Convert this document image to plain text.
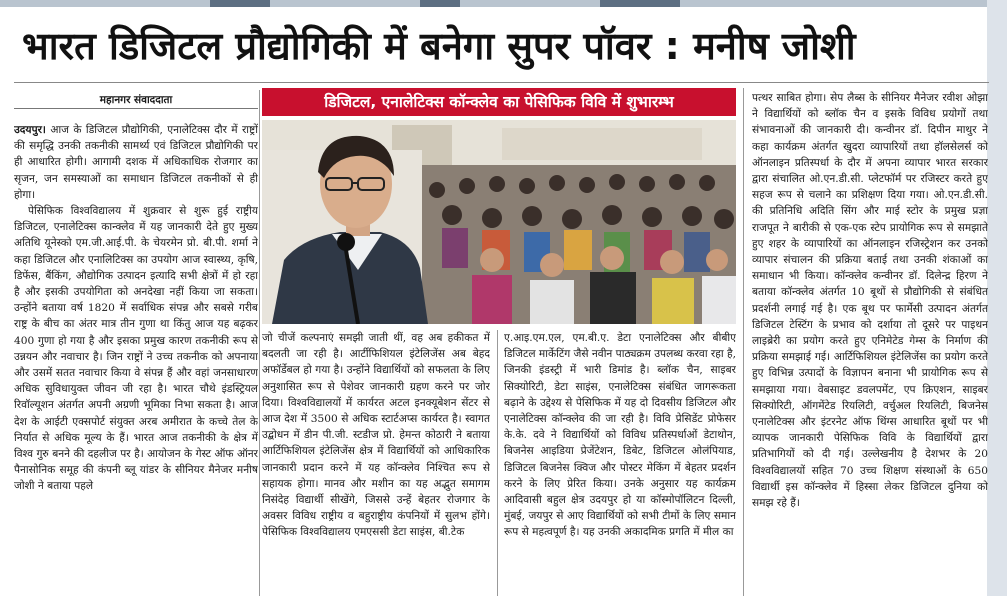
भारत डिजिटल प्रौद्योगिकी में बनेगा सुपर पॉवर : मनीष जोशी
महानगर संवाददाता

उदयपुर। आज के डिजिटल प्रौद्योगिकी, एनालेटिक्स दौर में राष्ट्रों की समृद्धि उनकी तकनीकी सामर्थ्य एवं डिजिटल प्रौद्योगिकी पर ही आधारित होगी। आगामी दशक में अधिकाधिक रोजगार का सृजन, जन समस्याओं का समाधान डिजिटल तकनीकों से ही होगा।

पेसिफिक विश्वविद्यालय में शुक्रवार से शुरू हुई राष्ट्रीय डिजिटल, एनालेटिक्स कान्क्लेव में यह जानकारी देते हुए मुख्य अतिथि यूनेस्को एम.जी.आई.पी. के चेयरमेन प्रो. बी.पी. शर्मा ने कहा डिजिटल और एनालिटिक्स का उपयोग आज स्वास्थ्य, कृषि, डिफेंस, बैंकिंग, औद्योगिक उत्पादन इत्यादि सभी क्षेत्रों में हो रहा है और इसकी उपयोगिता को अनदेखा नहीं किया जा सकता। उन्होंने बताया वर्ष 1820 में सर्वाधिक संपन्न और सबसे गरीब राष्ट्र के बीच का अंतर मात्र तीन गुणा था किंतु आज यह बढ़कर 400 गुणा हो गया है और इसका प्रमुख कारण तकनीकी रूप से उन्नयन और नवाचार है। जिन राष्ट्रों ने उच्च तकनीक को अपनाया और उसमें सतत नवाचार किया वे संपन्न हैं और वहां जनसाधारण अधिक सुविधायुक्त जीवन जी रहा है। भारत चौथे इंडस्ट्रियल रिवॉल्यूशन अंतर्गत अपनी अग्रणी भूमिका निभा सकता है। आज देश के आईटी एक्सपोर्ट संयुक्त अरब अमीरात के कच्चे तेल के निर्यात से अधिक मूल्य के हैं। भारत आज तकनीकी के क्षेत्र में विश्व गुरु बनने की दहलीज पर है। आयोजन के गेस्ट ऑफ ऑनर पैनासोनिक समूह की कंपनी ब्लू यांडर के सीनियर मैनेजर मनीष जोशी ने बताया पहले

डिजिटल, एनालेटिक्स कॉन्क्लेव का पेसिफिक विवि में शुभारम्भ
जो चीजें कल्पनाएं समझी जाती थीं, वह अब हकीकत में बदलती जा रही है। आर्टीफिशियल इंटेलिजेंस अब बेहद अफॉर्डेबल हो गया है। उन्होंने विद्यार्थियों को सफलता के लिए अनुशासित रूप से पेशेवर जानकारी ग्रहण करने पर जोर दिया। विश्वविद्यालयों में कार्यरत अटल इनक्यूबेशन सेंटर से आज देश में 3500 से अधिक स्टार्टअप्स कार्यरत है। स्वागत उद्बोधन में डीन पी.जी. स्टडीज प्रो. हेमन्त कोठारी ने बताया आर्टिफिशियल इंटेलिजेंस क्षेत्र में विद्यार्थियों को आधिकारिक जानकारी प्रदान करने में यह कॉन्क्लेव निश्चित रूप से सहायक होगा। मानव और मशीन का यह अद्भुत समागम निसंदेह विद्यार्थी सीखेंगे, जिससे उन्हें बेहतर रोजगार के अवसर विविध राष्ट्रीय व बहुराष्ट्रीय कंपनियों में सुलभ होंगे। पेसिफिक विश्वविद्यालय एमएससी डेटा साइंस, बी.टेक
ए.आइ.एम.एल, एम.बी.ए. डेटा एनालेटिक्स और बीबीए डिजिटल मार्केटिंग जैसे नवीन पाठ्यक्रम उपलब्ध करवा रहा है, जिनकी इंडस्ट्री में भारी डिमांड है। ब्लॉक चैन, साइबर सिक्योरिटी, डेटा साइंस, एनालेटिक्स संबंधित जागरूकता बढ़ाने के उद्देश्य से पेसिफिक में यह दो दिवसीय डिजिटल और एनालेटिक्स कॉन्क्लेव की जा रही है। विवि प्रेसिडेंट प्रोफेसर के.के. दवे ने विद्यार्थियों को विविध प्रतिस्पर्धाओं डेटाथोन, बिजनेस आइडिया प्रेजेंटेशन, डिबेट, डिजिटल ओलंपियाड, डिजिटल बिजनेस क्विज और पोस्टर मेकिंग में बेहतर प्रदर्शन करने के लिए प्रेरित किया। उनके अनुसार यह कार्यक्रम आदिवासी बहुल क्षेत्र उदयपुर हो या कॉस्मोपॉलिटन दिल्ली, मुंबई, जयपुर से आए विद्यार्थियों को सभी टीमों के लिए समान रूप से महत्वपूर्ण है। यह उनकी अकादमिक प्रगति में मील का
पत्थर साबित होगा। सेप लैब्स के सीनियर मैनेजर रवीश ओझा ने विद्यार्थियों को ब्लॉक चैन व इसके विविध प्रयोगों तथा संभावनाओं की जानकारी दी। कन्वीनर डॉ. दिपीन माथुर ने कहा कार्यक्रम अंतर्गत खुदरा व्यापारियों तथा हॉलसेलर्स को ऑनलाइन प्रतिस्पर्धा के दौर में अपना व्यापार भारत सरकार द्वारा संचालित ओ.एन.डी.सी. प्लेटफॉर्म पर रजिस्टर करते हुए सहज रूप से चलाने का प्रशिक्षण दिया गया। ओ.एन.डी.सी. की प्रतिनिधि अदिति सिंग और माई स्टोर के प्रमुख प्रज्ञा राजपूत ने बारीकी से एक-एक स्टेप प्रायोगिक रूप से समझाते हुए शहर के व्यापारियों का ऑनलाइन रजिस्ट्रेशन कर उनको व्यापार संचालन की प्रक्रिया बताई तथा उनकी शंकाओं का समाधान भी किया। कॉन्क्लेव कन्वीनर डॉ. दिलेन्द्र हिरण ने बताया कॉन्क्लेव अंतर्गत 10 बूथों से प्रौद्योगिकी से संबंधित प्रदर्शनी लगाई गई है। एक बूथ पर फार्मेसी उत्पादन अंतर्गत डिजिटल टेस्टिंग के प्रभाव को दर्शाया तो दूसरे पर पाइथन लाइब्रेरी का प्रयोग करते हुए एनिमेटेड गेम्स के निर्माण की प्रक्रिया समझाई गई। आर्टिफिशियल इंटेलिजेंस का प्रयोग करते हुए विभिन्न उत्पादों के विज्ञापन बनाना भी प्रायोगिक रूप से समझाया गया। वेबसाइट डवलपमेंट, एप क्रिएशन, साइबर सिक्योरिटी, ऑगमेंटेड रियलिटी, वर्चुअल रियलिटी, बिजनेस एनालेटिक्स और इंटरनेट ऑफ थिंग्स आधारित बूथों पर भी व्यापक जानकारी पेसिफिक विवि के विद्यार्थियों द्वारा प्रतिभागियों को दी गई। उल्लेखनीय है देशभर के 20 विश्वविद्यालयों सहित 70 उच्च शिक्षण संस्थाओं के 650 विद्यार्थी इस कॉन्क्लेव में हिस्सा लेकर डिजिटल दुनिया को समझ रहे हैं।
